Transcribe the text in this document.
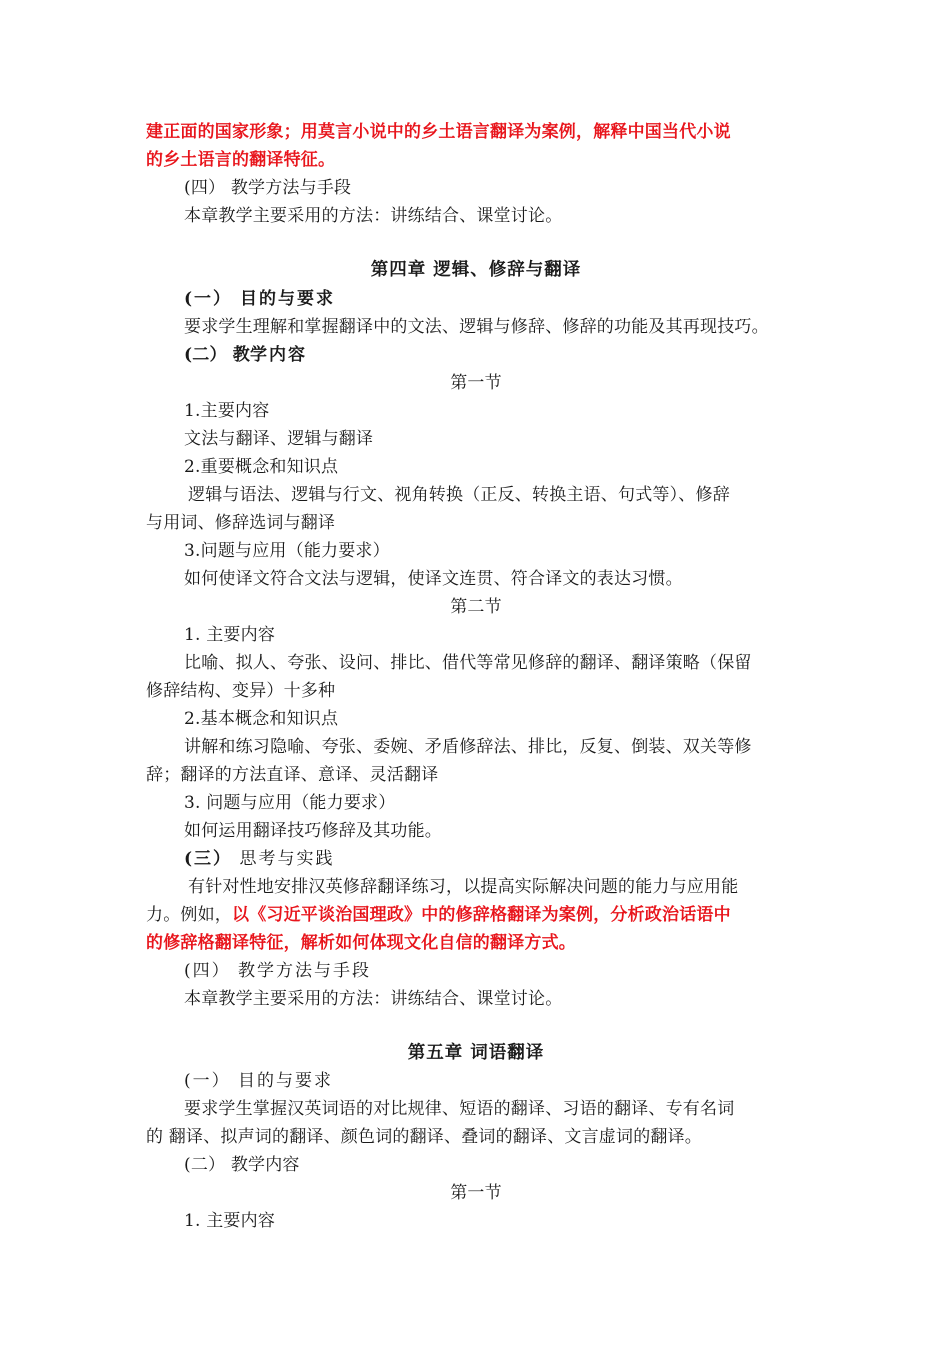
建正面的国家形象；用莫言小说中的乡土语言翻译为案例，解释中国当代小说
的乡土语言的翻译特征。
(四） 教学方法与手段
本章教学主要采用的方法：讲练结合、课堂讨论。
第四章 逻辑、修辞与翻译
(一） 目的与要求
要求学生理解和掌握翻译中的文法、逻辑与修辞、修辞的功能及其再现技巧。
(二） 教学内容
第一节
1.主要内容
文法与翻译、逻辑与翻译
2.重要概念和知识点
逻辑与语法、逻辑与行文、视角转换（正反、转换主语、句式等）、修辞
与用词、修辞选词与翻译
3.问题与应用（能力要求）
如何使译文符合文法与逻辑，使译文连贯、符合译文的表达习惯。
第二节
1. 主要内容
比喻、拟人、夸张、设问、排比、借代等常见修辞的翻译、翻译策略（保留
修辞结构、变异）十多种
2.基本概念和知识点
讲解和练习隐喻、夸张、委婉、矛盾修辞法、排比，反复、倒装、双关等修
辞；翻译的方法直译、意译、灵活翻译
3. 问题与应用（能力要求）
如何运用翻译技巧修辞及其功能。
(三） 思考与实践
有针对性地安排汉英修辞翻译练习，以提高实际解决问题的能力与应用能
力。例如，以《习近平谈治国理政》中的修辞格翻译为案例，分析政治话语中
的修辞格翻译特征，解析如何体现文化自信的翻译方式。
(四） 教学方法与手段
本章教学主要采用的方法：讲练结合、课堂讨论。
第五章 词语翻译
(一） 目的与要求
要求学生掌握汉英词语的对比规律、短语的翻译、习语的翻译、专有名词
的 翻译、拟声词的翻译、颜色词的翻译、叠词的翻译、文言虚词的翻译。
(二） 教学内容
第一节
1. 主要内容
